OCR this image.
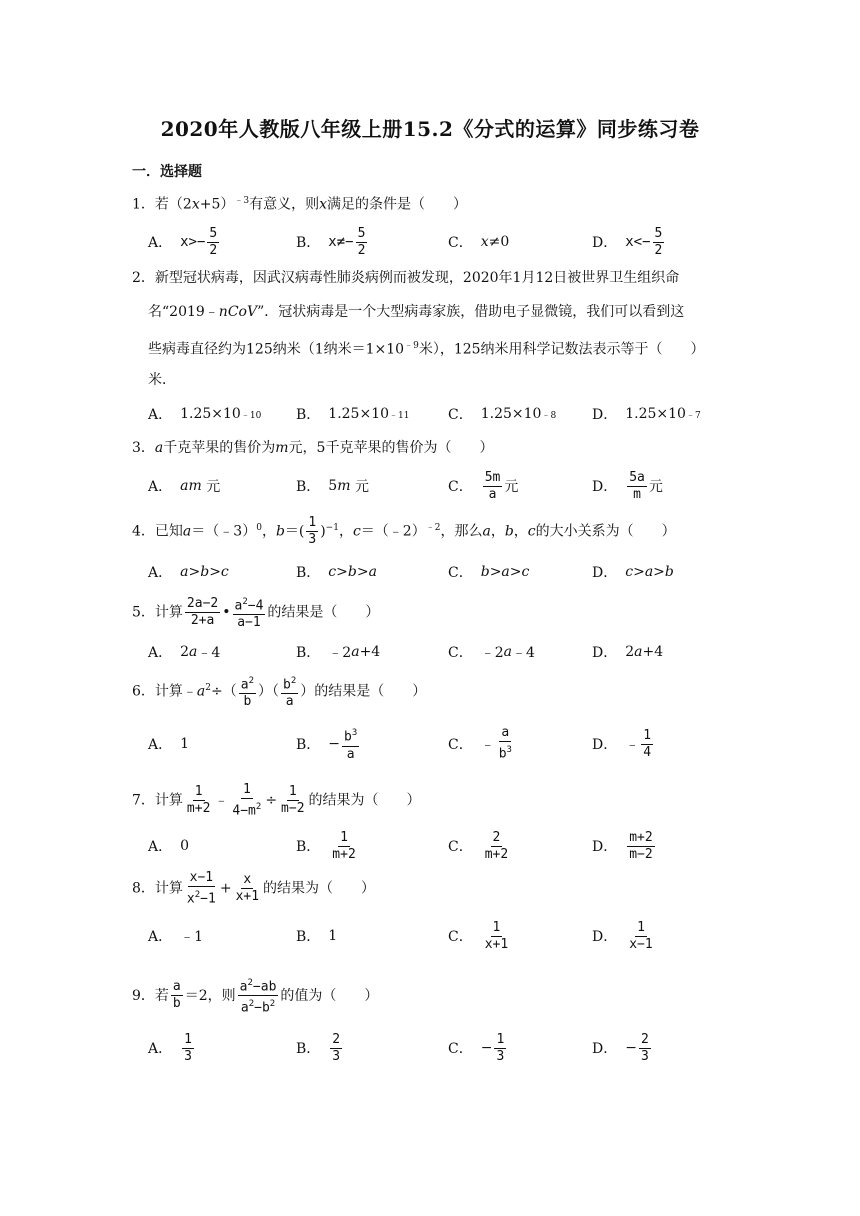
2020年人教版八年级上册15.2《分式的运算》同步练习卷
一．选择题
1．若$(2x+5)^{﹣3}$有意义，则x满足的条件是（　　）
A． $x>- \frac{5}{2}$	B． $x\ne- \frac{5}{2}$	C． x ≠0	D． $x<- \frac{5}{2}$
2．新型冠状病毒，因武汉病毒性肺炎病例而被发现，2020年1月12日被世界卫生组织命
名“2019﹣nCoV”．冠状病毒是一个大型病毒家族，借助电子显微镜，我们可以看到这
些病毒直径约为125纳米（1纳米$=1\times 10^{﹣9}$米），125纳米用科学记数法表示等于（　　）
米．
A． 1.25×10 ﹣10 B． 1.25×10 ﹣11	C． 1.25×10 ﹣8	D． 1.25×10 ﹣7
3．a千克苹果的售价为m元，5千克苹果的售价为（　　）
A． am 元	B． 5 m 元	C． $\frac{5m}{a}$ 元	D． $\frac{5a}{m}$ 元
4．已知a＝（﹣3）$^0$，$b=( \frac{1}{3} )^{-1}$，c＝（﹣2）$^{﹣2}$，那么a，b，c的大小关系为（　　）
A． a > b > c	B． c > b > a	C． b > a > c	D． c > a > b
5．计算 $\frac{2a-2}{2+a}$ • $\frac{a^2-4}{a-1}$ 的结果是（　　）
A． 2 a ﹣4	B． ﹣2 a +4	C． ﹣2 a ﹣4	D． 2 a +4
6．计算$﹣a^2\div( \frac{a^2}{b}$ ）（ $\frac{b^2}{a}$ ）的结果是（　　）
A． 1	B． − $\frac{b^3}{a}$	C． ﹣ $\frac{a}{b^3}$	D． ﹣ $\frac{1}{4}$
7．计算 $\frac{1}{m+2}$ ﹣ $\frac{1}{4-m^2} \div \frac{1}{m-2}$ 的结果为（　　）
A． 0	B． $\frac{1}{m+2}$	C． $\frac{2}{m+2}$	D． $\frac{m+2}{m-2}$
8．计算 $\frac{x-1}{x^2-1} + \frac{x}{x+1}$ 的结果为（　　）
A． ﹣1	B． 1	C． $\frac{1}{x+1}$	D． $\frac{1}{x-1}$
9．若 $\frac{a}{b} =2$，则 $\frac{a^2-ab}{a^2-b^2}$ 的值为（　　）
A． $\frac{1}{3}$	B． $\frac{2}{3}$	C． − $\frac{1}{3}$	D． − $\frac{2}{3}$
